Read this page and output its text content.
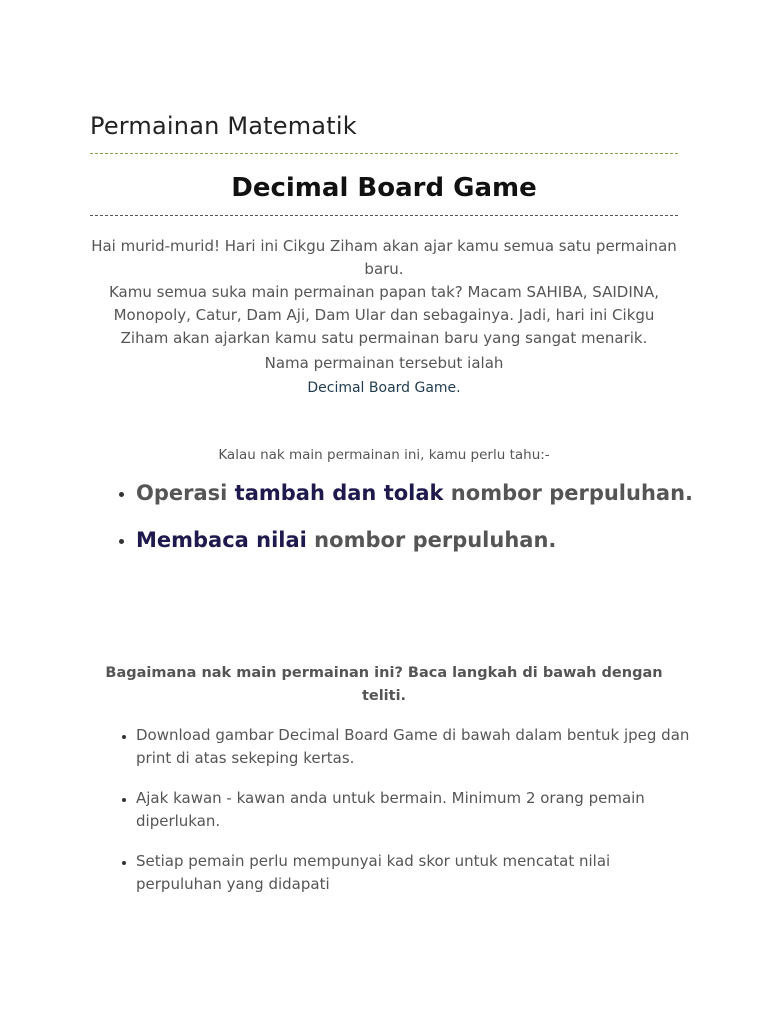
Permainan Matematik
Decimal Board Game

Hai murid-murid! Hari ini Cikgu Ziham akan ajar kamu semua satu permainan baru.

Kamu semua suka main permainan papan tak? Macam SAHIBA, SAIDINA, Monopoly, Catur, Dam Aji, Dam Ular dan sebagainya. Jadi, hari ini Cikgu Ziham akan ajarkan kamu satu permainan baru yang sangat menarik.

Nama permainan tersebut ialah

Decimal Board Game.

Kalau nak main permainan ini, kamu perlu tahu:-

• Operasi tambah dan tolak nombor perpuluhan.
• Membaca nilai nombor perpuluhan.

Bagaimana nak main permainan ini? Baca langkah di bawah dengan teliti.

• Download gambar Decimal Board Game di bawah dalam bentuk jpeg dan print di atas sekeping kertas.
• Ajak kawan - kawan anda untuk bermain. Minimum 2 orang pemain diperlukan.
• Setiap pemain perlu mempunyai kad skor untuk mencatat nilai perpuluhan yang didapati
